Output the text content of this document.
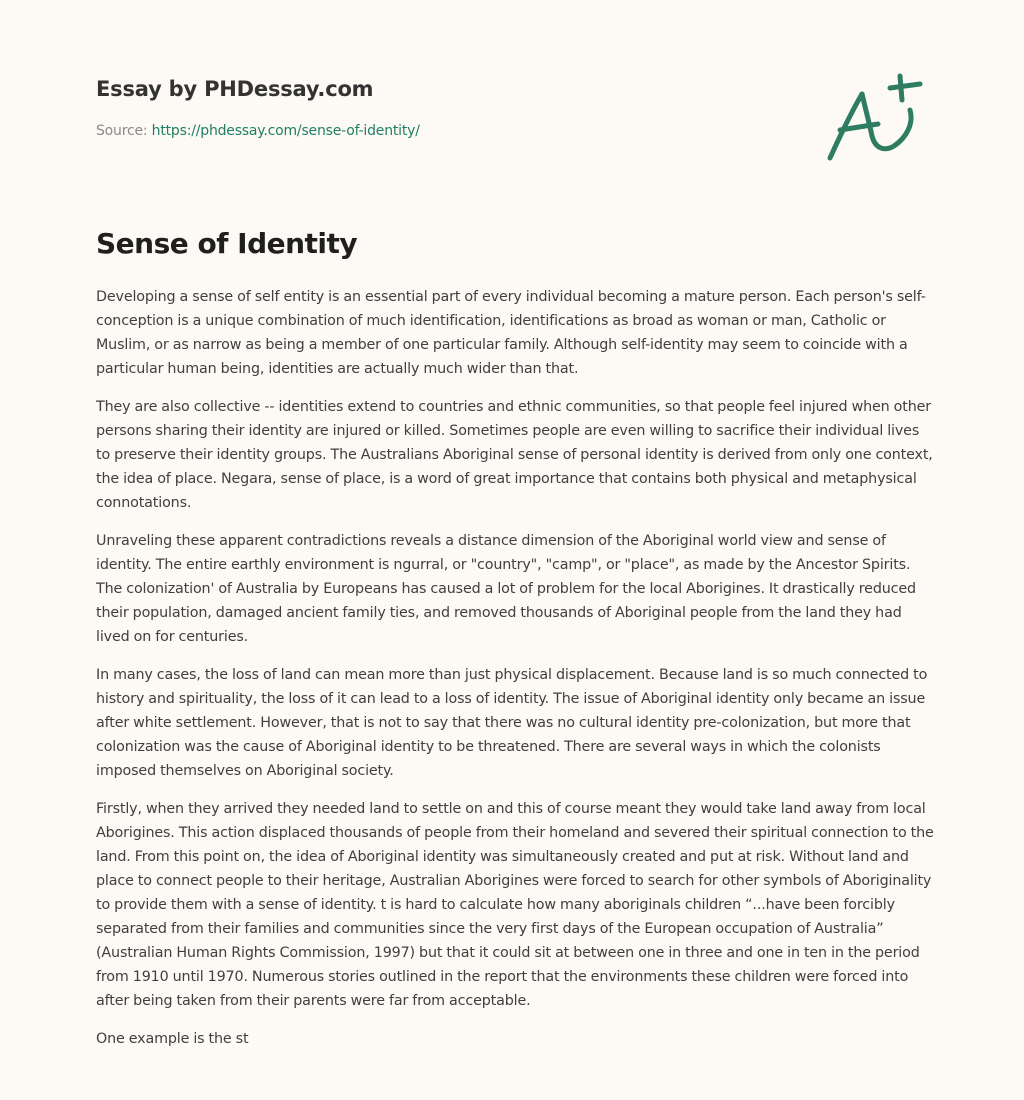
Essay by PHDessay.com
Source: https://phdessay.com/sense-of-identity/
Sense of Identity

Developing a sense of self entity is an essential part of every individual becoming a mature person. Each person's self-conception is a unique combination of much identification, identifications as broad as woman or man, Catholic or Muslim, or as narrow as being a member of one particular family. Although self-identity may seem to coincide with a particular human being, identities are actually much wider than that.

They are also collective -- identities extend to countries and ethnic communities, so that people feel injured when other persons sharing their identity are injured or killed. Sometimes people are even willing to sacrifice their individual lives to preserve their identity groups. The Australians Aboriginal sense of personal identity is derived from only one context, the idea of place. Negara, sense of place, is a word of great importance that contains both physical and metaphysical connotations.

Unraveling these apparent contradictions reveals a distance dimension of the Aboriginal world view and sense of identity. The entire earthly environment is ngurral, or "country", "camp", or "place", as made by the Ancestor Spirits. The colonization' of Australia by Europeans has caused a lot of problem for the local Aborigines. It drastically reduced their population, damaged ancient family ties, and removed thousands of Aboriginal people from the land they had lived on for centuries.

In many cases, the loss of land can mean more than just physical displacement. Because land is so much connected to history and spirituality, the loss of it can lead to a loss of identity. The issue of Aboriginal identity only became an issue after white settlement. However, that is not to say that there was no cultural identity pre-colonization, but more that colonization was the cause of Aboriginal identity to be threatened. There are several ways in which the colonists imposed themselves on Aboriginal society.

Firstly, when they arrived they needed land to settle on and this of course meant they would take land away from local Aborigines. This action displaced thousands of people from their homeland and severed their spiritual connection to the land. From this point on, the idea of Aboriginal identity was simultaneously created and put at risk. Without land and place to connect people to their heritage, Australian Aborigines were forced to search for other symbols of Aboriginality to provide them with a sense of identity. t is hard to calculate how many aboriginals children “...have been forcibly separated from their families and communities since the very first days of the European occupation of Australia” (Australian Human Rights Commission, 1997) but that it could sit at between one in three and one in ten in the period from 1910 until 1970. Numerous stories outlined in the report that the environments these children were forced into after being taken from their parents were far from acceptable.

One example is the st
